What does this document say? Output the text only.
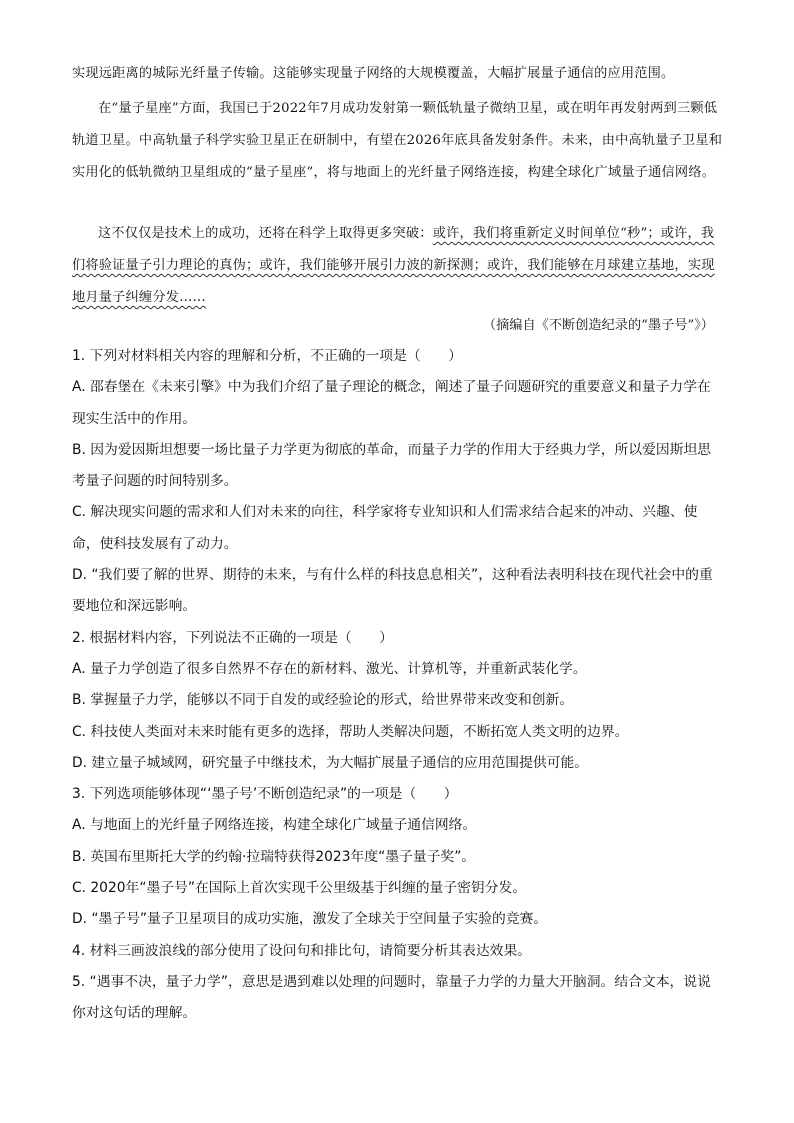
实现远距离的城际光纤量子传输。这能够实现量子网络的大规模覆盖，大幅扩展量子通信的应用范围。

在“量子星座”方面，我国已于2022年7月成功发射第一颗低轨量子微纳卫星，或在明年再发射两到三颗低轨道卫星。中高轨量子科学实验卫星正在研制中，有望在2026年底具备发射条件。未来，由中高轨量子卫星和实用化的低轨微纳卫星组成的“量子星座”，将与地面上的光纤量子网络连接，构建全球化广域量子通信网络。

这不仅仅是技术上的成功，还将在科学上取得更多突破：或许，我们将重新定义时间单位“秒”；或许，我们将验证量子引力理论的真伪；或许，我们能够开展引力波的新探测；或许，我们能够在月球建立基地，实现地月量子纠缠分发……

（摘编自《不断创造纪录的“墨子号”》）

1. 下列对材料相关内容的理解和分析，不正确的一项是（　　）

A. 邵春堡在《未来引擎》中为我们介绍了量子理论的概念，阐述了量子问题研究的重要意义和量子力学在现实生活中的作用。

B. 因为爱因斯坦想要一场比量子力学更为彻底的革命，而量子力学的作用大于经典力学，所以爱因斯坦思考量子问题的时间特别多。

C. 解决现实问题的需求和人们对未来的向往，科学家将专业知识和人们需求结合起来的冲动、兴趣、使命，使科技发展有了动力。

D. “我们要了解的世界、期待的未来，与有什么样的科技息息相关”，这种看法表明科技在现代社会中的重要地位和深远影响。

2. 根据材料内容，下列说法不正确的一项是（　　）

A. 量子力学创造了很多自然界不存在的新材料、激光、计算机等，并重新武装化学。

B. 掌握量子力学，能够以不同于自发的或经验论的形式，给世界带来改变和创新。

C. 科技使人类面对未来时能有更多的选择，帮助人类解决问题，不断拓宽人类文明的边界。

D. 建立量子城域网，研究量子中继技术，为大幅扩展量子通信的应用范围提供可能。

3. 下列选项能够体现“‘墨子号’不断创造纪录”的一项是（　　）

A. 与地面上的光纤量子网络连接，构建全球化广域量子通信网络。

B. 英国布里斯托大学的约翰·拉瑞特获得2023年度“墨子量子奖”。

C. 2020年“墨子号”在国际上首次实现千公里级基于纠缠的量子密钥分发。

D. “墨子号”量子卫星项目的成功实施，激发了全球关于空间量子实验的竞赛。

4. 材料三画波浪线的部分使用了设问句和排比句，请简要分析其表达效果。

5. “遇事不决，量子力学”，意思是遇到难以处理的问题时，靠量子力学的力量大开脑洞。结合文本，说说你对这句话的理解。
